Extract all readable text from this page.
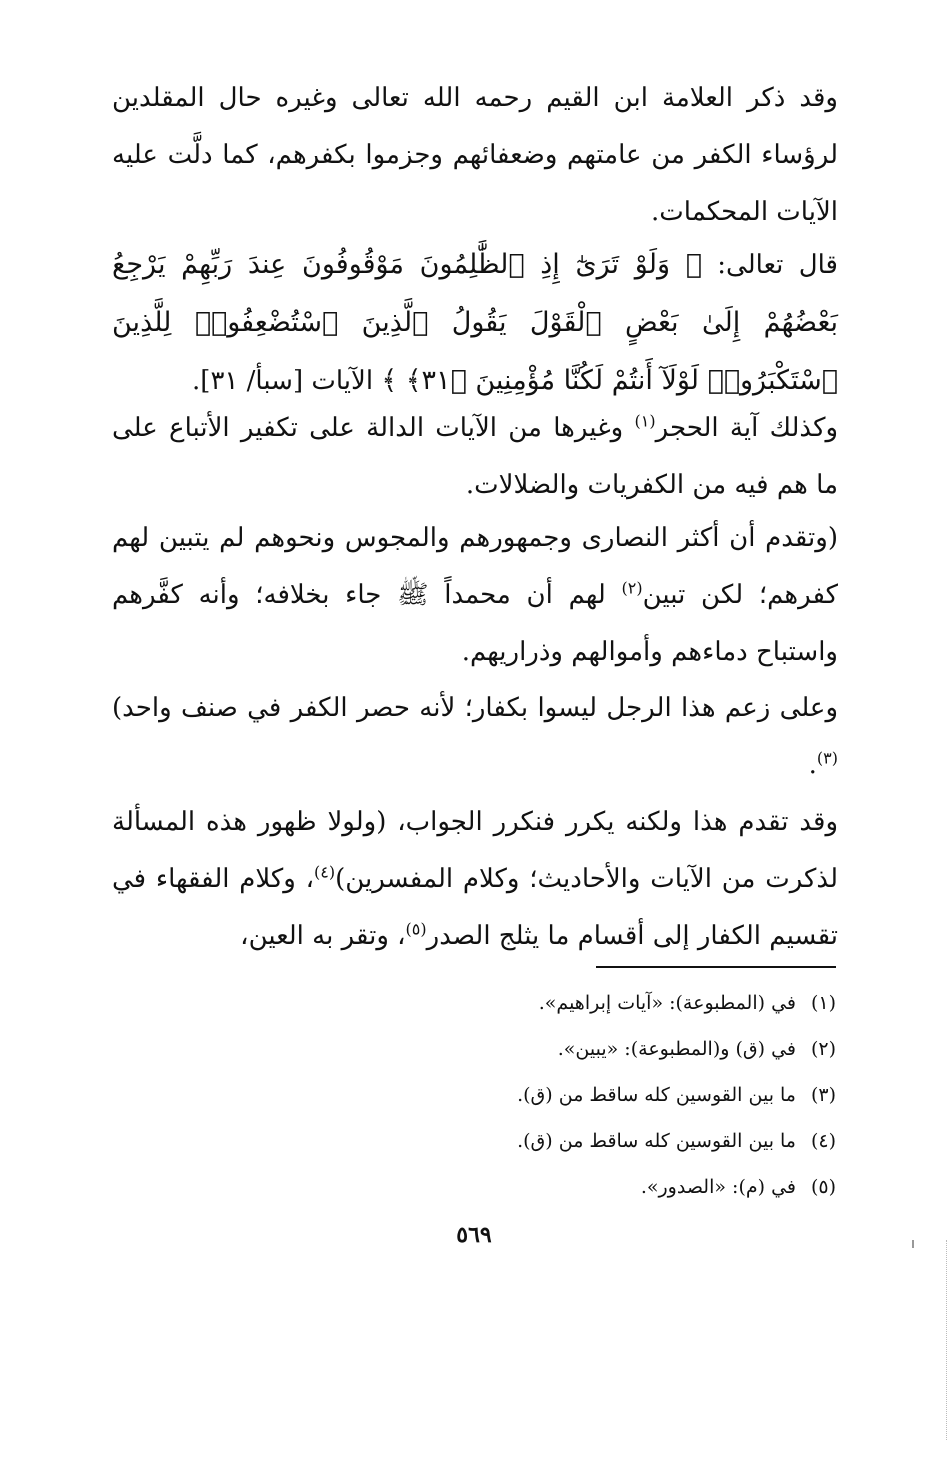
وقد ذكر العلامة ابن القيم رحمه الله تعالى وغيره حال المقلدين لرؤساء الكفر من عامتهم وضعفائهم وجزموا بكفرهم، كما دلَّت عليه الآيات المحكمات.

قال تعالى: ﴿ وَلَوْ تَرَىٰٓ إِذِ ٱلظَّٰلِمُونَ مَوْقُوفُونَ عِندَ رَبِّهِمْ يَرْجِعُ بَعْضُهُمْ إِلَىٰ بَعْضٍ ٱلْقَوْلَ يَقُولُ ٱلَّذِينَ ٱسْتُضْعِفُوا۟ لِلَّذِينَ ٱسْتَكْبَرُوا۟ لَوْلَآ أَنتُمْ لَكُنَّا مُؤْمِنِينَ ﴿٣١﴾ ﴾ الآيات [سبأ/ ٣١].

وكذلك آية الحجر$^{(١)}$ وغيرها من الآيات الدالة على تكفير الأتباع على ما هم فيه من الكفريات والضلالات.

(وتقدم أن أكثر النصارى وجمهورهم والمجوس ونحوهم لم يتبين لهم كفرهم؛ لكن تبين$^{(٢)}$ لهم أن محمداً ﷺ جاء بخلافه؛ وأنه كفَّرهم واستباح دماءهم وأموالهم وذراريهم.

وعلى زعم هذا الرجل ليسوا بكفار؛ لأنه حصر الكفر في صنف واحد)$^{(٣)}$.

وقد تقدم هذا ولكنه يكرر فنكرر الجواب، (ولولا ظهور هذه المسألة لذكرت من الآيات والأحاديث؛ وكلام المفسرين)$^{(٤)}$، وكلام الفقهاء في تقسيم الكفار إلى أقسام ما يثلج الصدر$^{(٥)}$، وتقر به العين،

(١)في (المطبوعة): «آيات إبراهيم».
(٢)في (ق) و(المطبوعة): «يبين».
(٣)ما بين القوسين كله ساقط من (ق).
(٤)ما بين القوسين كله ساقط من (ق).
(٥)في (م): «الصدور».
٥٦٩
